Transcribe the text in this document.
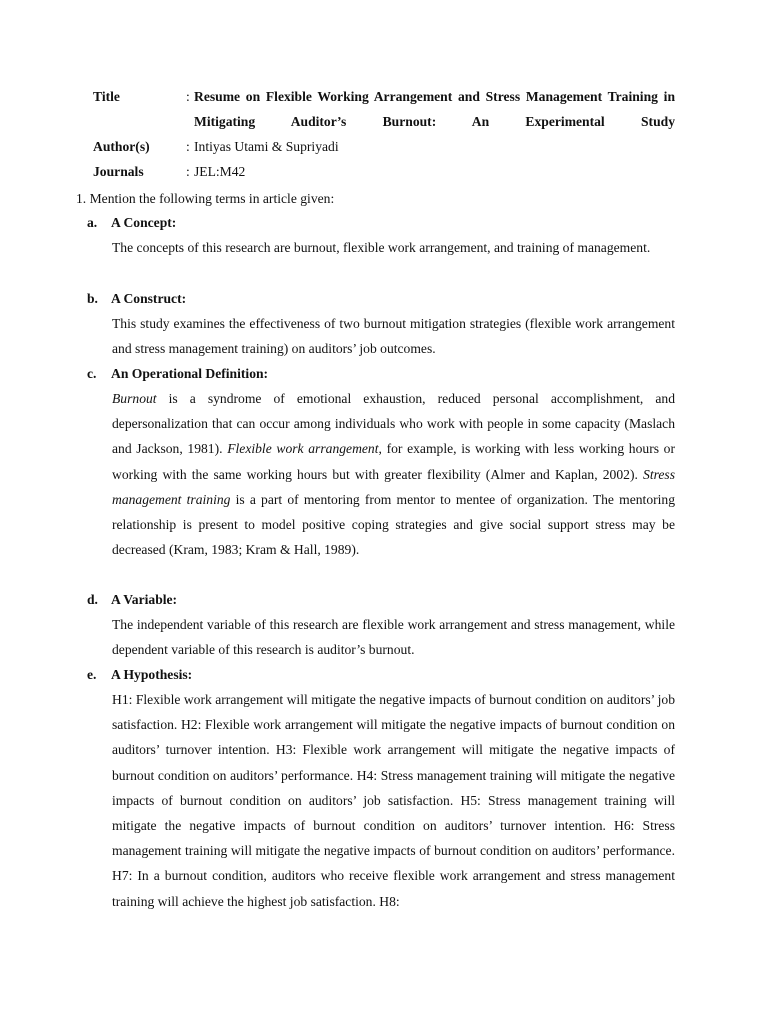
Title	: Resume on Flexible Working Arrangement and Stress Management Training in Mitigating Auditor’s Burnout: An Experimental Study
Author(s)	: Intiyas Utami & Supriyadi
Journals	: JEL:M42
1. Mention the following terms in article given:
a. A Concept:
The concepts of this research are burnout, flexible work arrangement, and training of management.
b. A Construct:
This study examines the effectiveness of two burnout mitigation strategies (flexible work arrangement and stress management training) on auditors’ job outcomes.
c. An Operational Definition:
Burnout is a syndrome of emotional exhaustion, reduced personal accomplishment, and depersonalization that can occur among individuals who work with people in some capacity (Maslach and Jackson, 1981). Flexible work arrangement, for example, is working with less working hours or working with the same working hours but with greater flexibility (Almer and Kaplan, 2002). Stress management training is a part of mentoring from mentor to mentee of organization. The mentoring relationship is present to model positive coping strategies and give social support stress may be decreased (Kram, 1983; Kram & Hall, 1989).
d. A Variable:
The independent variable of this research are flexible work arrangement and stress management, while dependent variable of this research is auditor’s burnout.
e. A Hypothesis:
H1: Flexible work arrangement will mitigate the negative impacts of burnout condition on auditors’ job satisfaction. H2: Flexible work arrangement will mitigate the negative impacts of burnout condition on auditors’ turnover intention. H3: Flexible work arrangement will mitigate the negative impacts of burnout condition on auditors’ performance. H4: Stress management training will mitigate the negative impacts of burnout condition on auditors’ job satisfaction. H5: Stress management training will mitigate the negative impacts of burnout condition on auditors’ turnover intention. H6: Stress management training will mitigate the negative impacts of burnout condition on auditors’ performance. H7: In a burnout condition, auditors who receive flexible work arrangement and stress management training will achieve the highest job satisfaction. H8:
